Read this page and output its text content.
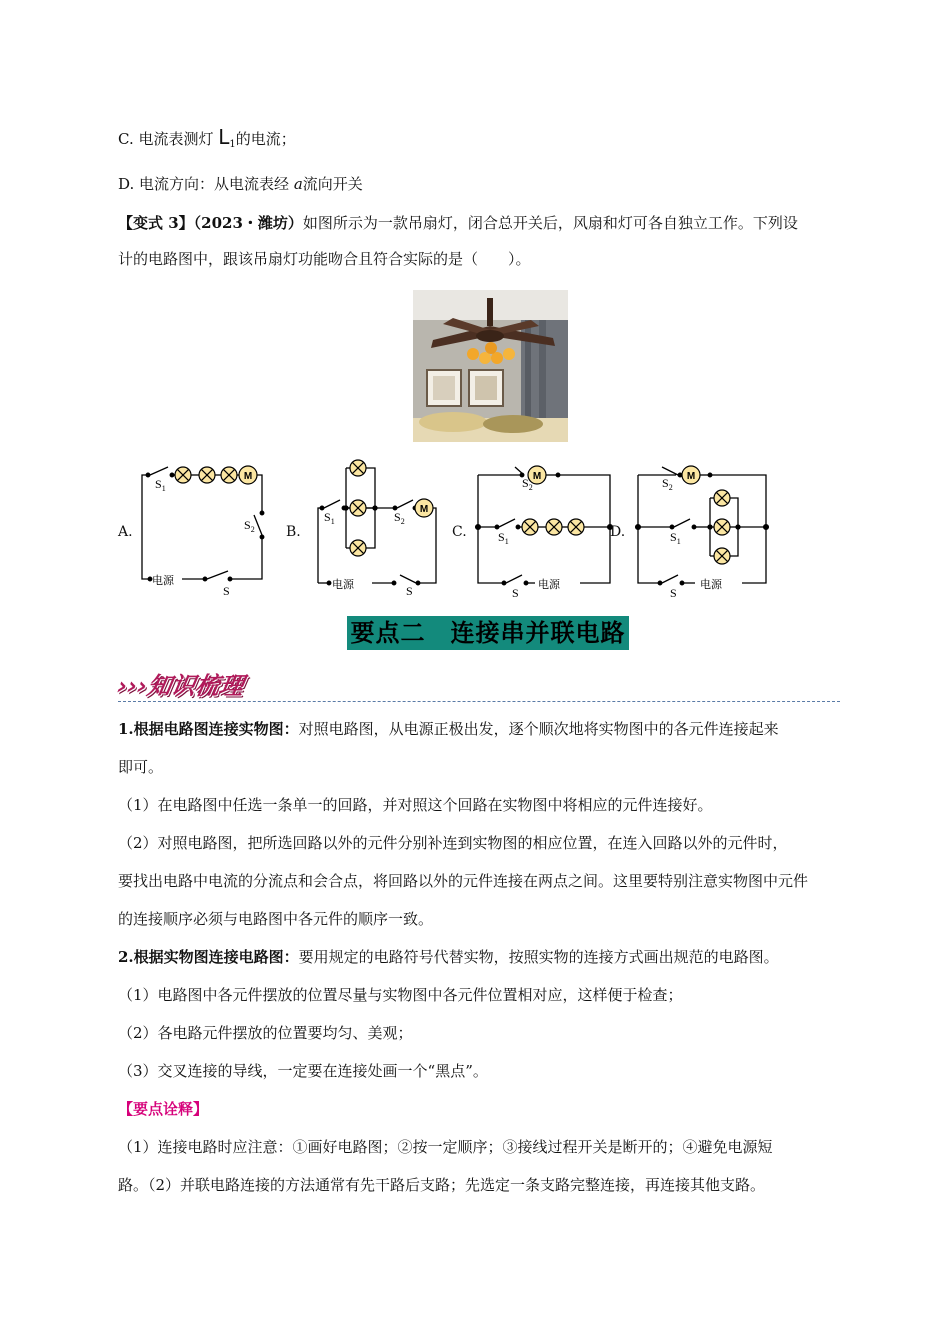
C. 电流表测灯 $L_1$的电流；
D. 电流方向：从电流表经 a流向开关
【变式 3】（2023・潍坊）如图所示为一款吊扇灯，闭合总开关后，风扇和灯可各自独立工作。下列设
计的电路图中，跟该吊扇灯功能吻合且符合实际的是（　　）。
M
$S_1$
$S_2$
电源
S
$S_1$	$S_2$
电源	S
$S_2$
$S_1$
电源
S
$S_2$
$S_1$
电源
S
A.	B.	C.	D.
要点二　连接串并联电路
›››知识梳理
1.根据电路图连接实物图：对照电路图，从电源正极出发，逐个顺次地将实物图中的各元件连接起来
即可。
（1）在电路图中任选一条单一的回路，并对照这个回路在实物图中将相应的元件连接好。
（2）对照电路图，把所选回路以外的元件分别补连到实物图的相应位置，在连入回路以外的元件时，
要找出电路中电流的分流点和会合点，将回路以外的元件连接在两点之间。这里要特别注意实物图中元件
的连接顺序必须与电路图中各元件的顺序一致。
2.根据实物图连接电路图：要用规定的电路符号代替实物，按照实物的连接方式画出规范的电路图。
（1）电路图中各元件摆放的位置尽量与实物图中各元件位置相对应，这样便于检查；
（2）各电路元件摆放的位置要均匀、美观；
（3）交叉连接的导线，一定要在连接处画一个“黑点”。
【要点诠释】
（1）连接电路时应注意：①画好电路图；②按一定顺序；③接线过程开关是断开的；④避免电源短
路。（2）并联电路连接的方法通常有先干路后支路；先选定一条支路完整连接，再连接其他支路。
